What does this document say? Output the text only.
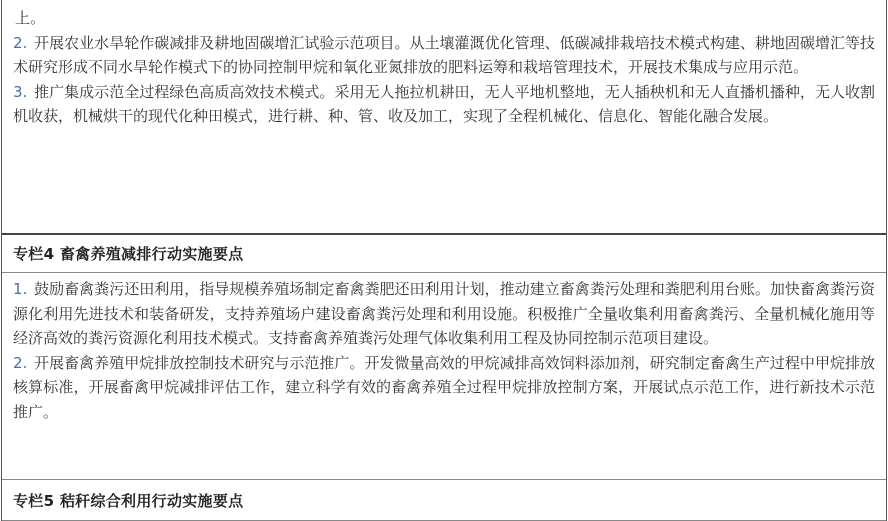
上。

2. 开展农业水旱轮作碳减排及耕地固碳增汇试验示范项目。从土壤灌溉优化管理、低碳减排栽培技术模式构建、耕地固碳增汇等技术研究形成不同水旱轮作模式下的协同控制甲烷和氧化亚氮排放的肥料运筹和栽培管理技术，开展技术集成与应用示范。

3. 推广集成示范全过程绿色高质高效技术模式。采用无人拖拉机耕田，无人平地机整地，无人插秧机和无人直播机播种，无人收割机收获，机械烘干的现代化种田模式，进行耕、种、管、收及加工，实现了全程机械化、信息化、智能化融合发展。

专栏4 畜禽养殖减排行动实施要点

1. 鼓励畜禽粪污还田利用，指导规模养殖场制定畜禽粪肥还田利用计划，推动建立畜禽粪污处理和粪肥利用台账。加快畜禽粪污资源化利用先进技术和装备研发，支持养殖场户建设畜禽粪污处理和利用设施。积极推广全量收集利用畜禽粪污、全量机械化施用等经济高效的粪污资源化利用技术模式。支持畜禽养殖粪污处理气体收集利用工程及协同控制示范项目建设。

2. 开展畜禽养殖甲烷排放控制技术研究与示范推广。开发微量高效的甲烷减排高效饲料添加剂，研究制定畜禽生产过程中甲烷排放核算标准，开展畜禽甲烷减排评估工作，建立科学有效的畜禽养殖全过程甲烷排放控制方案，开展试点示范工作，进行新技术示范推广。

专栏5 秸秆综合利用行动实施要点
